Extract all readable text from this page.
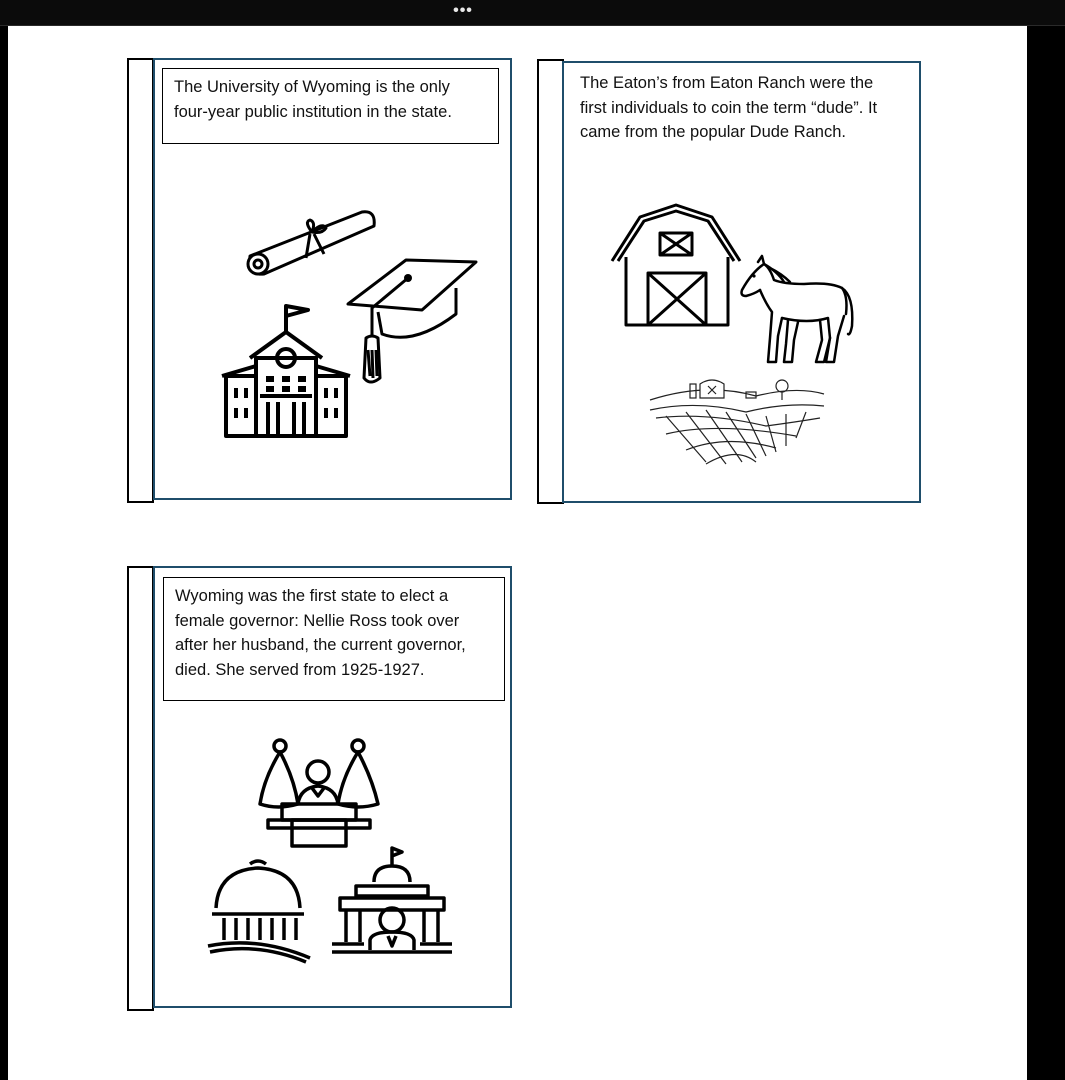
•••
The University of Wyoming is the only four-year public institution in the state.
The Eaton’s from Eaton Ranch were the first individuals to coin the term “dude”. It came from the popular Dude Ranch.
Wyoming was the first state to elect a female governor: Nellie Ross took over after her husband, the current governor, died. She served from 1925-1927.
